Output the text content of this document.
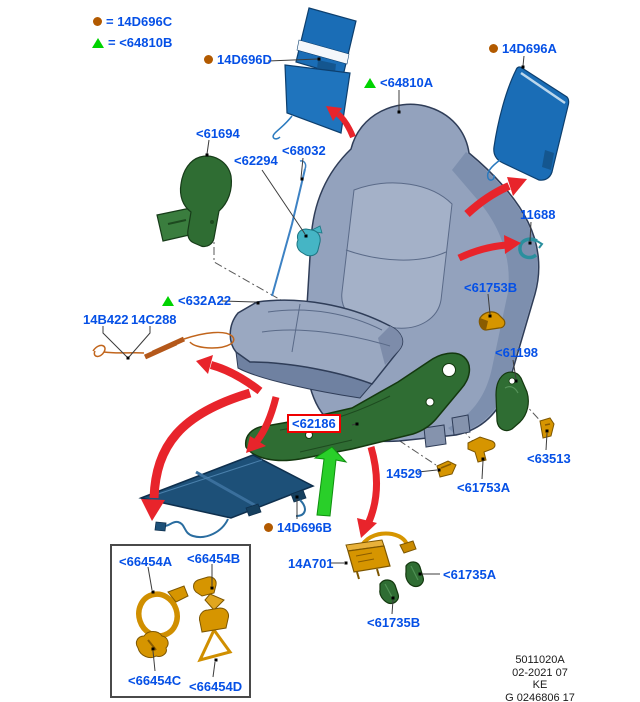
= 14D696C
= <64810B
14D696D
<64810A
14D696A
<61694
<62294
<68032
11688
<61753B
<632A22
14B422 14C288
<61198
<62186
14529
<61753A
<63513
14D696B
14A701
<61735A
<61735B
<66454A <66454B
<66454C <66454D
5011020A
02-2021 07
KE
G 0246806 17
